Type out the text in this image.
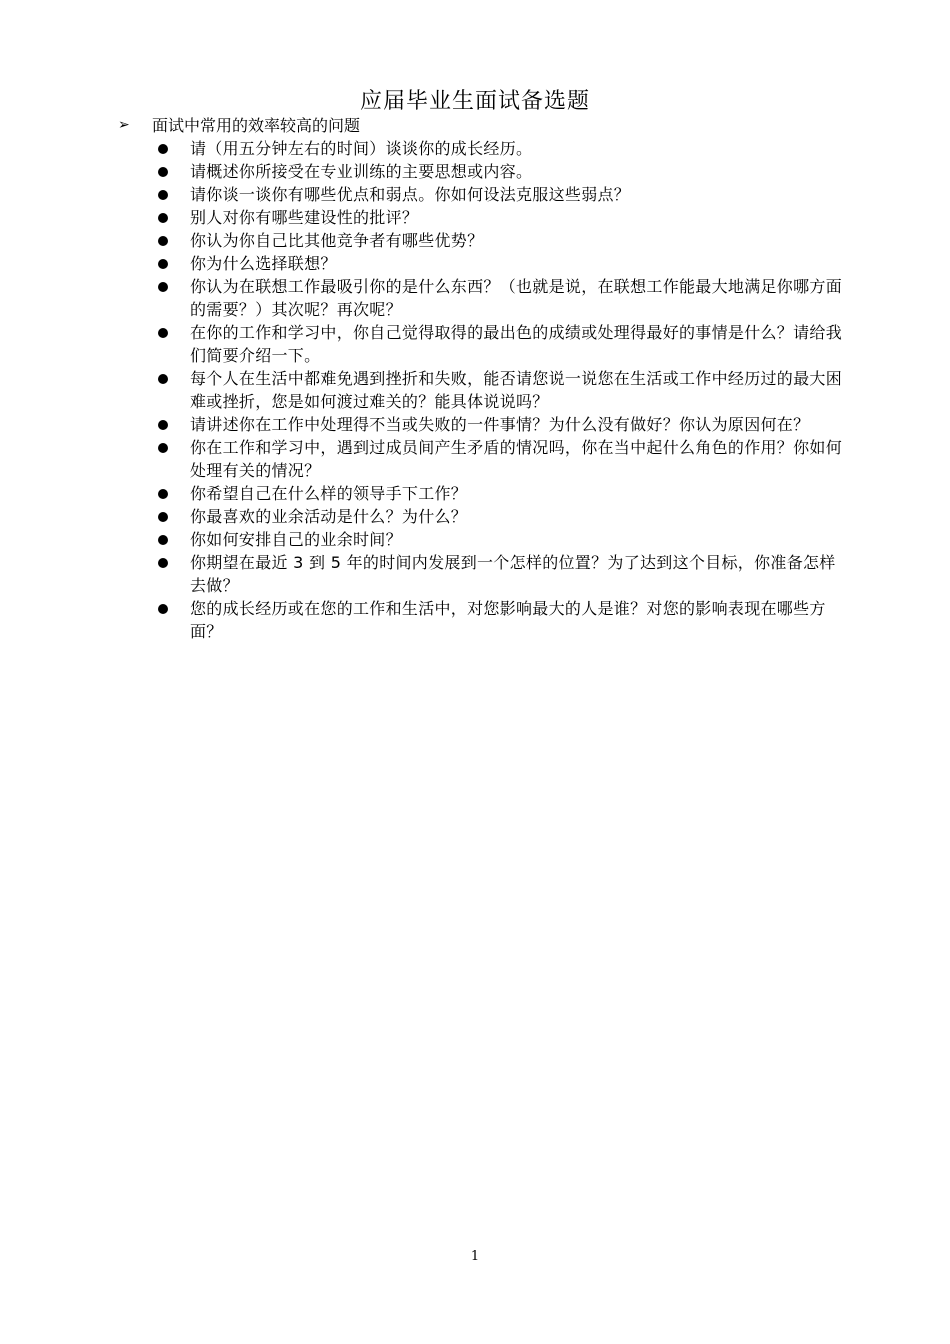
应届毕业生面试备选题
➢	面试中常用的效率较高的问题
请（用五分钟左右的时间）谈谈你的成长经历。
请概述你所接受在专业训练的主要思想或内容。
请你谈一谈你有哪些优点和弱点。你如何设法克服这些弱点？
别人对你有哪些建设性的批评？
你认为你自己比其他竞争者有哪些优势？
你为什么选择联想？
你认为在联想工作最吸引你的是什么东西？（也就是说，在联想工作能最大地满足你哪方面的需要？）其次呢？再次呢？
在你的工作和学习中，你自己觉得取得的最出色的成绩或处理得最好的事情是什么？请给我们简要介绍一下。
每个人在生活中都难免遇到挫折和失败，能否请您说一说您在生活或工作中经历过的最大困难或挫折，您是如何渡过难关的？能具体说说吗？
请讲述你在工作中处理得不当或失败的一件事情？为什么没有做好？你认为原因何在？
你在工作和学习中，遇到过成员间产生矛盾的情况吗，你在当中起什么角色的作用？你如何处理有关的情况？
你希望自己在什么样的领导手下工作？
你最喜欢的业余活动是什么？为什么？
你如何安排自己的业余时间？
你期望在最近 3 到 5 年的时间内发展到一个怎样的位置？为了达到这个目标，你准备怎样去做？
您的成长经历或在您的工作和生活中，对您影响最大的人是谁？对您的影响表现在哪些方面？
1
